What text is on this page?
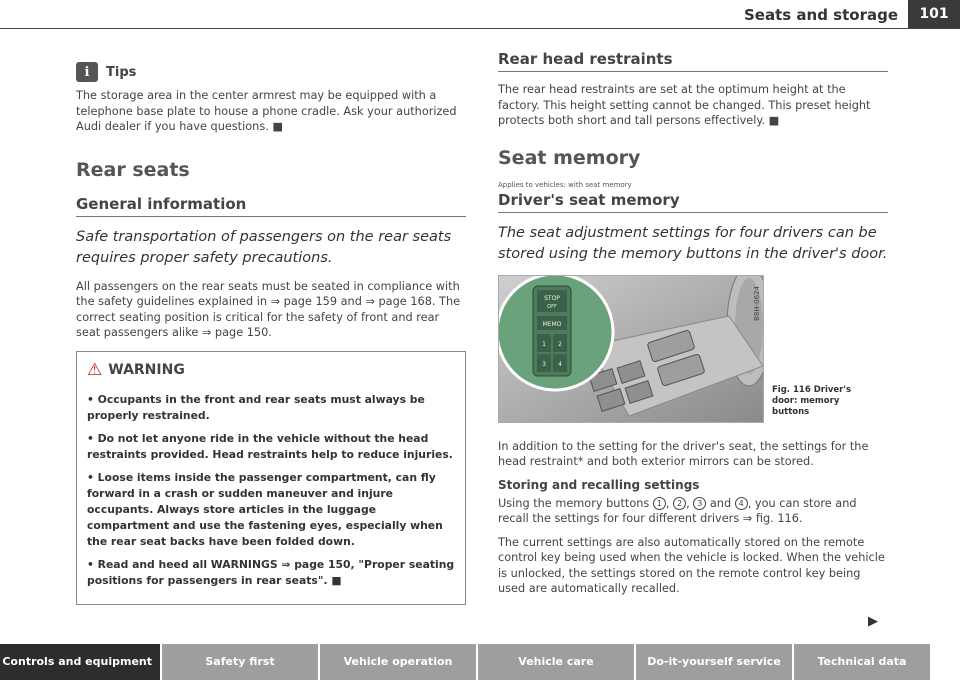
Seats and storage	101
i	Tips

The storage area in the center armrest may be equipped with a telephone base plate to house a phone cradle. Ask your authorized Audi dealer if you have questions. ■

Rear seats
General information
Safe transportation of passengers on the rear seats requires proper safety precautions.

All passengers on the rear seats must be seated in compliance with the safety guidelines explained in ⇒ page 159 and ⇒ page 168. The correct seating position is critical for the safety of front and rear seat passengers alike ⇒ page 150.

⚠ WARNING
• Occupants in the front and rear seats must always be properly restrained.
• Do not let anyone ride in the vehicle without the head restraints provided. Head restraints help to reduce injuries.
• Loose items inside the passenger compartment, can fly forward in a crash or sudden maneuver and injure occupants. Always store articles in the luggage compartment and use the fastening eyes, especially when the rear seat backs have been folded down.
• Read and heed all WARNINGS ⇒ page 150, "Proper seating positions for passengers in rear seats". ■
Rear head restraints

The rear head restraints are set at the optimum height at the factory. This height setting cannot be changed. This preset height protects both short and tall persons effectively. ■

Seat memory
Applies to vehicles: with seat memory
Driver's seat memory
The seat adjustment settings for four drivers can be stored using the memory buttons in the driver's door.
STOP
OFF
MEMO
1 2
3 4
B8H-0624
Fig. 116 Driver's door: memory buttons

In addition to the setting for the driver's seat, the settings for the head restraint* and both exterior mirrors can be stored.

Storing and recalling settings

Using the memory buttons 1 , 2 , 3 and 4 , you can store and recall the settings for four different drivers ⇒ fig. 116.

The current settings are also automatically stored on the remote control key being used when the vehicle is locked. When the vehicle is unlocked, the settings stored on the remote control key being used are automatically recalled.

▶
Controls and equipment	Safety first	Vehicle operation	Vehicle care	Do-it-yourself service	Technical data
